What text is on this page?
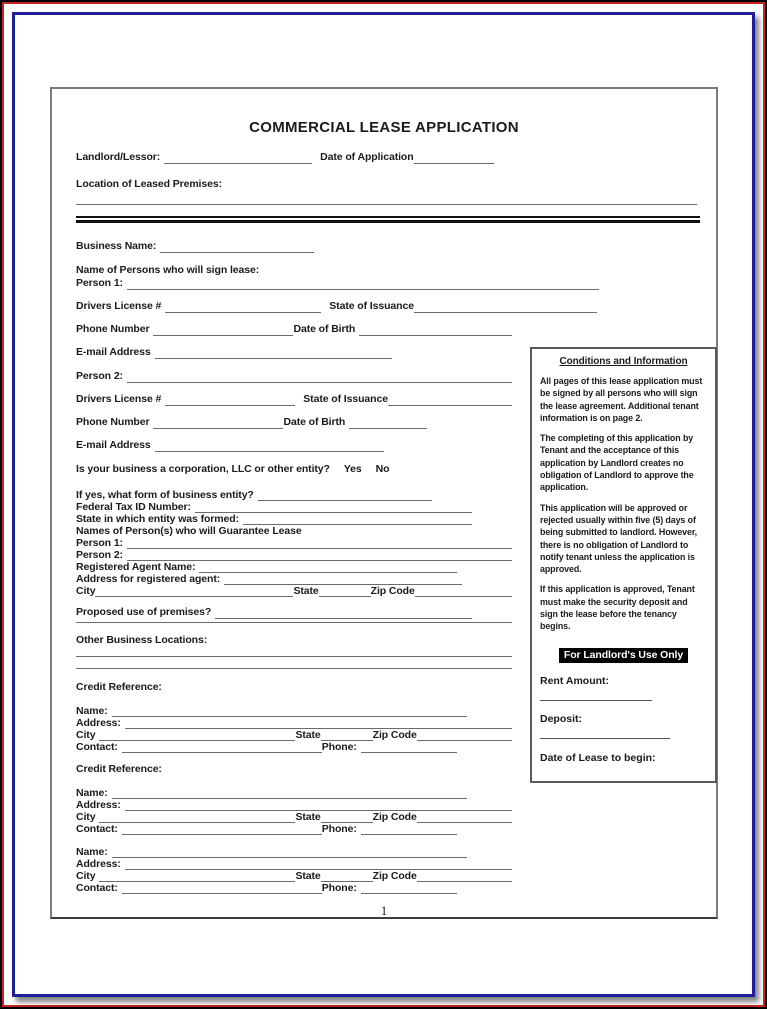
COMMERCIAL LEASE APPLICATION
Landlord/Lessor:	Date of Application
Location of Leased Premises:
Business Name:
Name of Persons who will sign lease:
Person 1:
Drivers License #	State of Issuance
Phone Number	Date of Birth
E-mail Address
Person 2:
Drivers License #	State of Issuance
Phone Number	Date of Birth
E-mail Address
Is your business a corporation, LLC or other entity? Yes No
If yes, what form of business entity?
Federal Tax ID Number:
State in which entity was formed:
Names of Person(s) who will Guarantee Lease
Person 1:
Person 2:
Registered Agent Name:
Address for registered agent:
City	State	Zip Code
Proposed use of premises?
Other Business Locations:
Credit Reference:
Name:
Address:
City	State	Zip Code
Contact:	Phone:
Credit Reference:
Name:
Address:
City	State	Zip Code
Contact:	Phone:
Name:
Address:
City	State	Zip Code
Contact:	Phone:
1
Conditions and Information

All pages of this lease application must be signed by all persons who will sign the lease agreement. Additional tenant information is on page 2.

The completing of this application by Tenant and the acceptance of this application by Landlord creates no obligation of Landlord to approve the application.

This application will be approved or rejected usually within five (5) days of being submitted to landlord. However, there is no obligation of Landlord to notify tenant unless the application is approved.

If this application is approved, Tenant must make the security deposit and sign the lease before the tenancy begins.

For Landlord's Use Only
Rent Amount:
Deposit:
Date of Lease to begin:
